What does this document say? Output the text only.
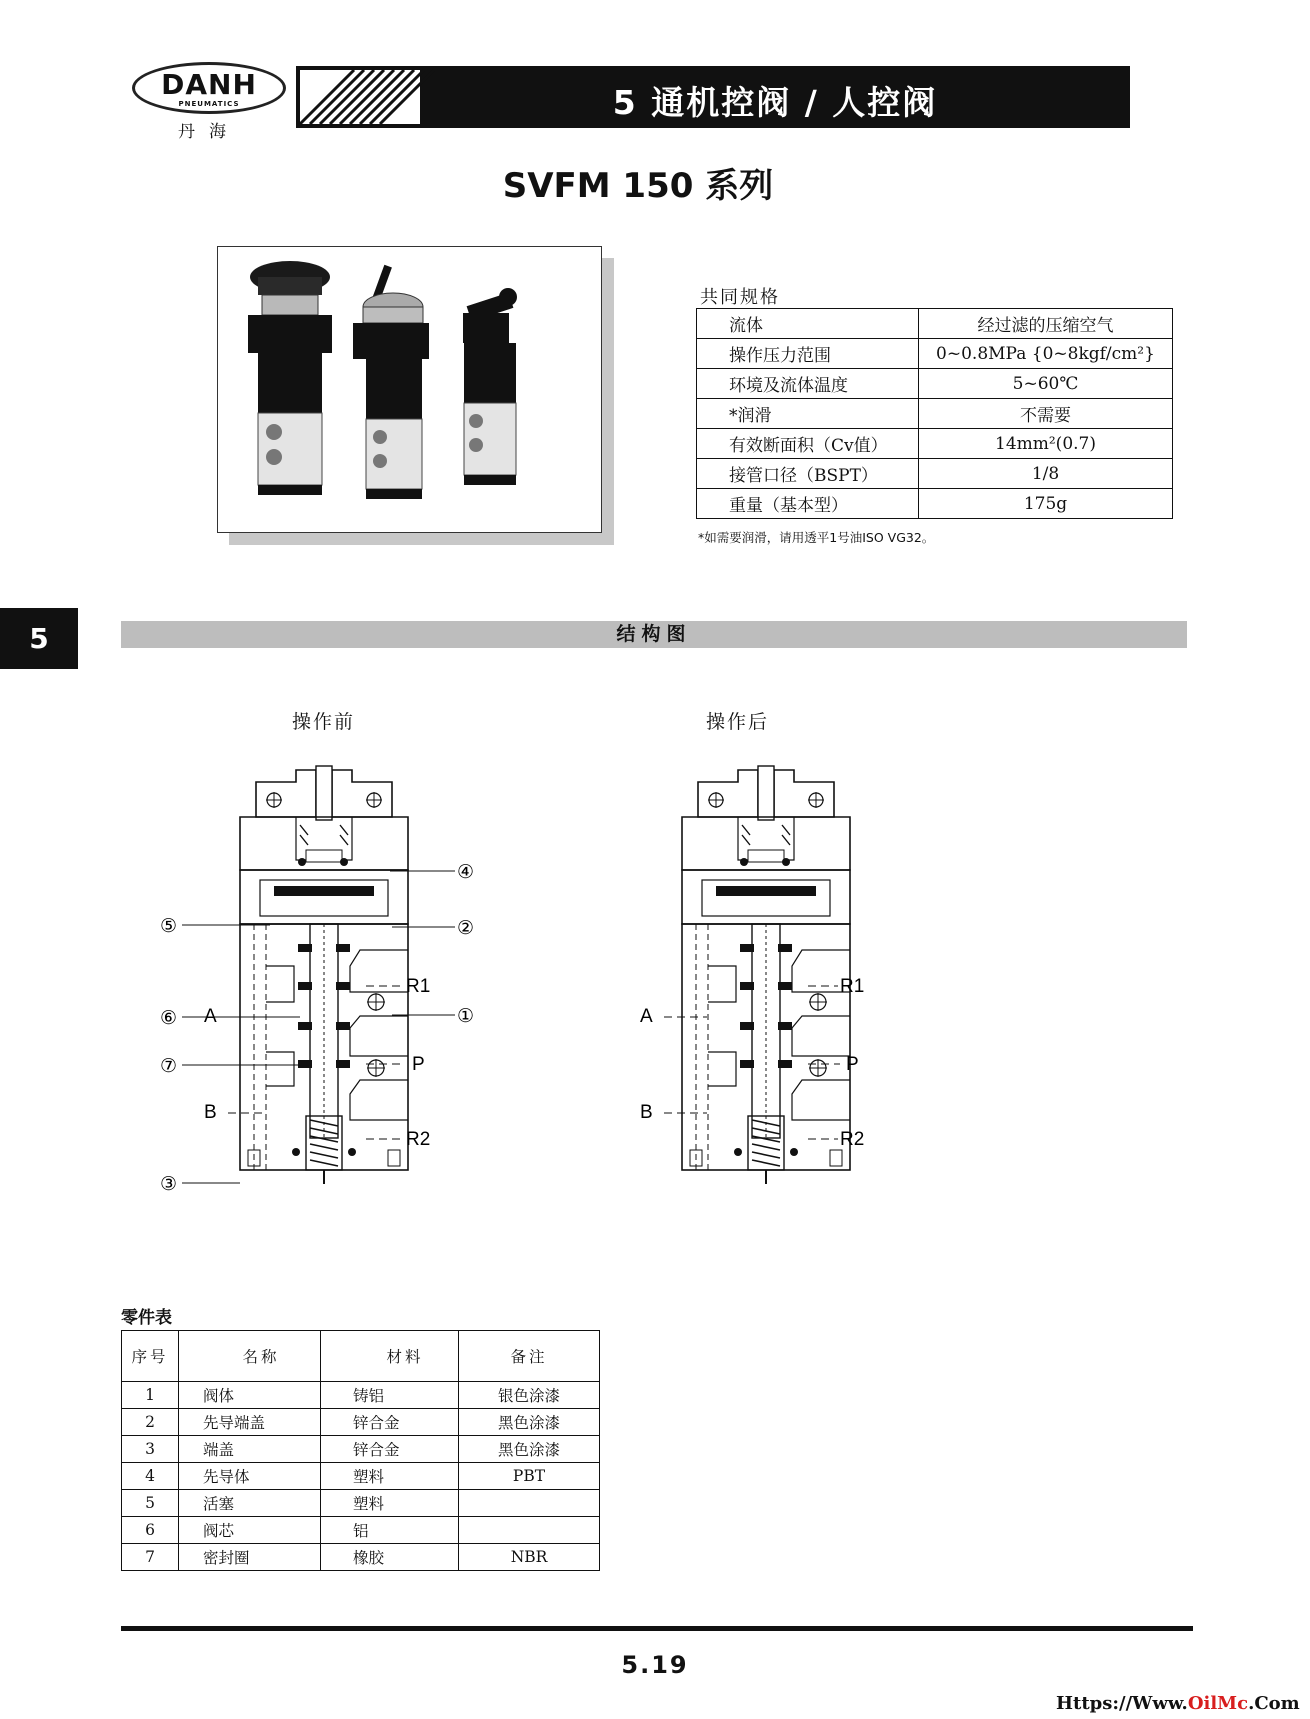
DANH
PNEUMATICS
丹海
5 通机控阀 / 人控阀
SVFM 150 系列
共同规格
流体	经过滤的压缩空气
操作压力范围	0~0.8MPa {0~8kgf/cm²}
环境及流体温度	5~60℃
*润滑	不需要
有效断面积（Cv值）	14mm²(0.7)
接管口径（BSPT）	1/8
重量（基本型）	175g
*如需要润滑，请用透平1号油ISO VG32。
5	结构图
操作前	操作后
A
B
R1
P
R2
④
②
①
⑤
⑥
⑦
③
A
B
R1
P
R2
零件表
序号	名称	材料	备注
1	阀体	铸铝	银色涂漆
2	先导端盖	锌合金	黑色涂漆
3	端盖	锌合金	黑色涂漆
4	先导体	塑料	PBT
5	活塞	塑料	
6	阀芯	铝	
7	密封圈	橡胶	NBR
5.19
Https://Www.OilMc.Com
